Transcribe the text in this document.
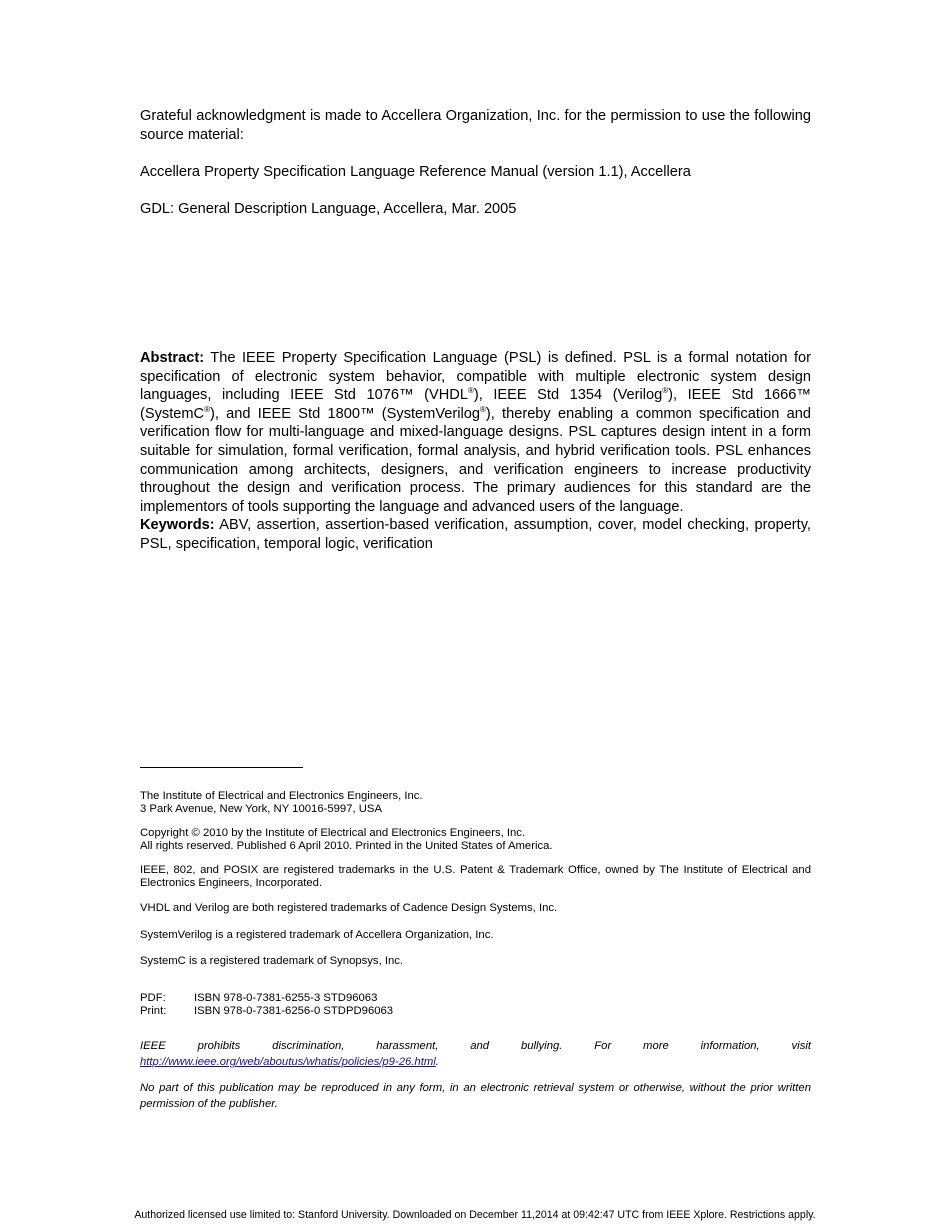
Grateful acknowledgment is made to Accellera Organization, Inc. for the permission to use the following source material:
Accellera Property Specification Language Reference Manual (version 1.1), Accellera
GDL: General Description Language, Accellera, Mar. 2005
Abstract: The IEEE Property Specification Language (PSL) is defined. PSL is a formal notation for specification of electronic system behavior, compatible with multiple electronic system design languages, including IEEE Std 1076™ (VHDL®), IEEE Std 1354 (Verilog®), IEEE Std 1666™ (SystemC®), and IEEE Std 1800™ (SystemVerilog®), thereby enabling a common specification and verification flow for multi-language and mixed-language designs. PSL captures design intent in a form suitable for simulation, formal verification, formal analysis, and hybrid verification tools. PSL enhances communication among architects, designers, and verification engineers to increase productivity throughout the design and verification process. The primary audiences for this standard are the implementors of tools supporting the language and advanced users of the language.
Keywords: ABV, assertion, assertion-based verification, assumption, cover, model checking, property, PSL, specification, temporal logic, verification
The Institute of Electrical and Electronics Engineers, Inc.
3 Park Avenue, New York, NY 10016-5997, USA
Copyright © 2010 by the Institute of Electrical and Electronics Engineers, Inc.
All rights reserved. Published 6 April 2010. Printed in the United States of America.
IEEE, 802, and POSIX are registered trademarks in the U.S. Patent & Trademark Office, owned by The Institute of Electrical and Electronics Engineers, Incorporated.
VHDL and Verilog are both registered trademarks of Cadence Design Systems, Inc.
SystemVerilog is a registered trademark of Accellera Organization, Inc.
SystemC is a registered trademark of Synopsys, Inc.
PDF:	ISBN 978-0-7381-6255-3 STD96063
Print: ISBN 978-0-7381-6256-0 STDPD96063
IEEE prohibits discrimination, harassment, and bullying. For more information, visit http://www.ieee.org/web/aboutus/whatis/policies/p9-26.html.
No part of this publication may be reproduced in any form, in an electronic retrieval system or otherwise, without the prior written permission of the publisher.
Authorized licensed use limited to: Stanford University. Downloaded on December 11,2014 at 09:42:47 UTC from IEEE Xplore. Restrictions apply.
